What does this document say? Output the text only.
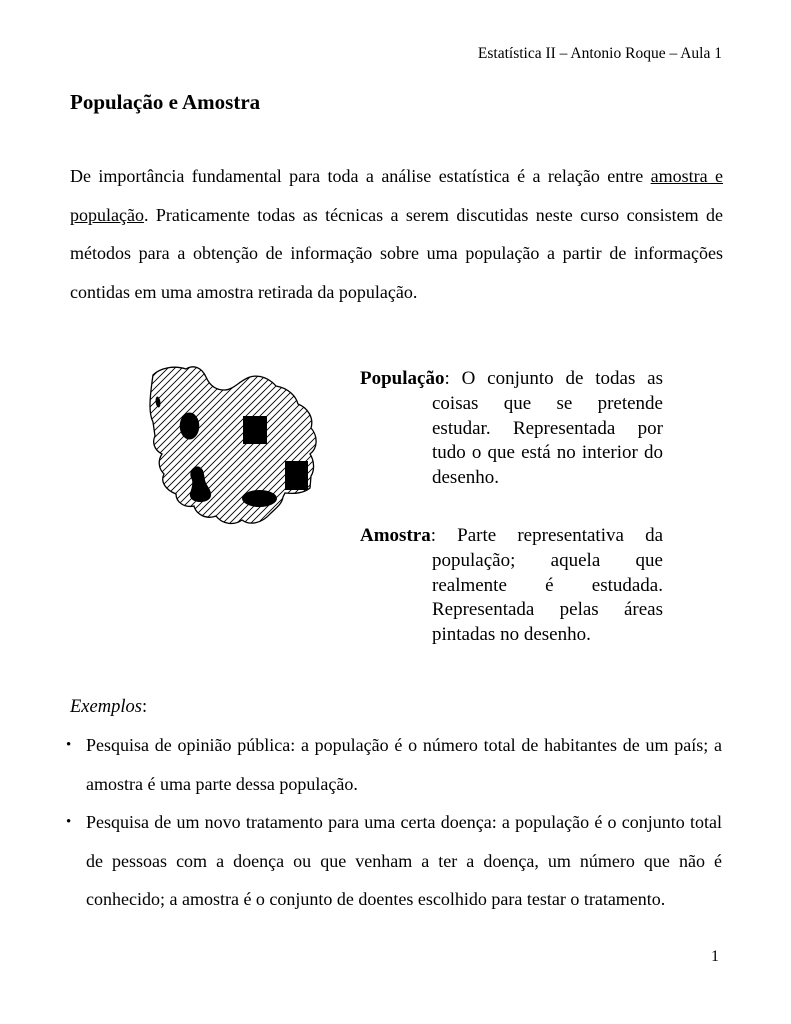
Estatística II – Antonio Roque – Aula 1
População e Amostra

De importância fundamental para toda a análise estatística é a relação entre amostra e população. Praticamente todas as técnicas a serem discutidas neste curso consistem de métodos para a obtenção de informação sobre uma população a partir de informações contidas em uma amostra retirada da população.

População: O conjunto de todas as coisas que se pretende estudar. Representada por tudo o que está no interior do desenho.

Amostra: Parte representativa da população; aquela que realmente é estudada. Representada pelas áreas pintadas no desenho.

Exemplos:
• Pesquisa de opinião pública: a população é o número total de habitantes de um país; a amostra é uma parte dessa população.
• Pesquisa de um novo tratamento para uma certa doença: a população é o conjunto total de pessoas com a doença ou que venham a ter a doença, um número que não é conhecido; a amostra é o conjunto de doentes escolhido para testar o tratamento.
1
